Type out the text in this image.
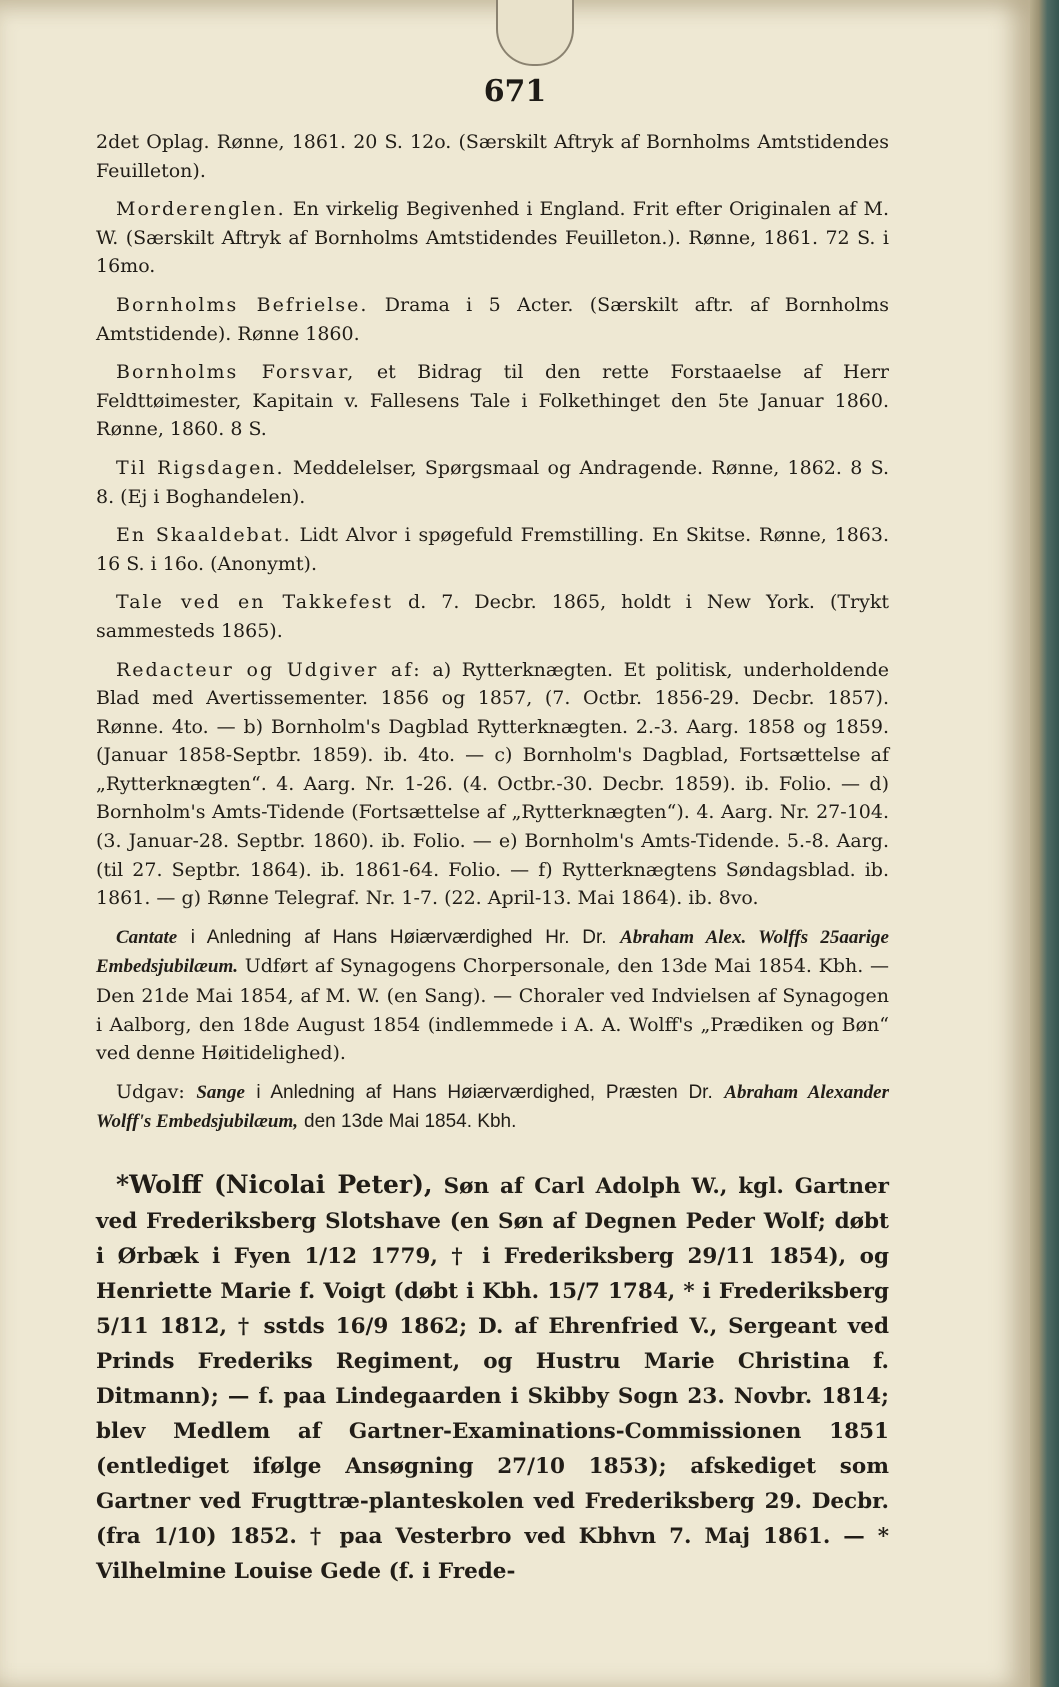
671

2det Oplag. Rønne, 1861. 20 S. 12o. (Særskilt Aftryk af Bornholms Amtstidendes Feuilleton).

Morderenglen. En virkelig Begivenhed i England. Frit efter Originalen af M. W. (Særskilt Aftryk af Bornholms Amtstidendes Feuilleton.). Rønne, 1861. 72 S. i 16mo.

Bornholms Befrielse. Drama i 5 Acter. (Særskilt aftr. af Bornholms Amtstidende). Rønne 1860.

Bornholms Forsvar, et Bidrag til den rette Forstaaelse af Herr Feldttøimester, Kapitain v. Fallesens Tale i Folkethinget den 5te Januar 1860. Rønne, 1860. 8 S.

Til Rigsdagen. Meddelelser, Spørgsmaal og Andragende. Rønne, 1862. 8 S. 8. (Ej i Boghandelen).

En Skaaldebat. Lidt Alvor i spøgefuld Fremstilling. En Skitse. Rønne, 1863. 16 S. i 16o. (Anonymt).

Tale ved en Takkefest d. 7. Decbr. 1865, holdt i New York. (Trykt sammesteds 1865).

Redacteur og Udgiver af: a) Rytterknægten. Et politisk, underholdende Blad med Avertissementer. 1856 og 1857, (7. Octbr. 1856-29. Decbr. 1857). Rønne. 4to. — b) Bornholm's Dagblad Rytterknægten. 2.-3. Aarg. 1858 og 1859. (Januar 1858-Septbr. 1859). ib. 4to. — c) Bornholm's Dagblad, Fortsættelse af „Rytterknægten“. 4. Aarg. Nr. 1-26. (4. Octbr.-30. Decbr. 1859). ib. Folio. — d) Bornholm's Amts-Tidende (Fortsættelse af „Rytterknægten“). 4. Aarg. Nr. 27-104. (3. Januar-28. Septbr. 1860). ib. Folio. — e) Bornholm's Amts-Tidende. 5.-8. Aarg. (til 27. Septbr. 1864). ib. 1861-64. Folio. — f) Rytterknægtens Søndagsblad. ib. 1861. — g) Rønne Telegraf. Nr. 1-7. (22. April-13. Mai 1864). ib. 8vo.

Cantate i Anledning af Hans Høiærværdighed Hr. Dr. Abraham Alex. Wolffs 25aarige Embedsjubilæum. Udført af Synagogens Chorpersonale, den 13de Mai 1854. Kbh. — Den 21de Mai 1854, af M. W. (en Sang). — Choraler ved Indvielsen af Synagogen i Aalborg, den 18de August 1854 (indlemmede i A. A. Wolff's „Prædiken og Bøn“ ved denne Høitidelighed).

Udgav: Sange i Anledning af Hans Høiærværdighed, Præsten Dr. Abraham Alexander Wolff's Embedsjubilæum, den 13de Mai 1854. Kbh.

*Wolff (Nicolai Peter), Søn af Carl Adolph W., kgl. Gartner ved Frederiksberg Slotshave (en Søn af Degnen Peder Wolf; døbt i Ørbæk i Fyen 1/12 1779, † i Frederiksberg 29/11 1854), og Henriette Marie f. Voigt (døbt i Kbh. 15/7 1784, * i Frederiksberg 5/11 1812, † sstds 16/9 1862; D. af Ehrenfried V., Sergeant ved Prinds Frederiks Regiment, og Hustru Marie Christina f. Ditmann); — f. paa Lindegaarden i Skibby Sogn 23. Novbr. 1814; blev Medlem af Gartner-Examinations-Commissionen 1851 (entlediget ifølge Ansøgning 27/10 1853); afskediget som Gartner ved Frugttræ-planteskolen ved Frederiksberg 29. Decbr. (fra 1/10) 1852. † paa Vesterbro ved Kbhvn 7. Maj 1861. — * Vilhelmine Louise Gede (f. i Frede-
